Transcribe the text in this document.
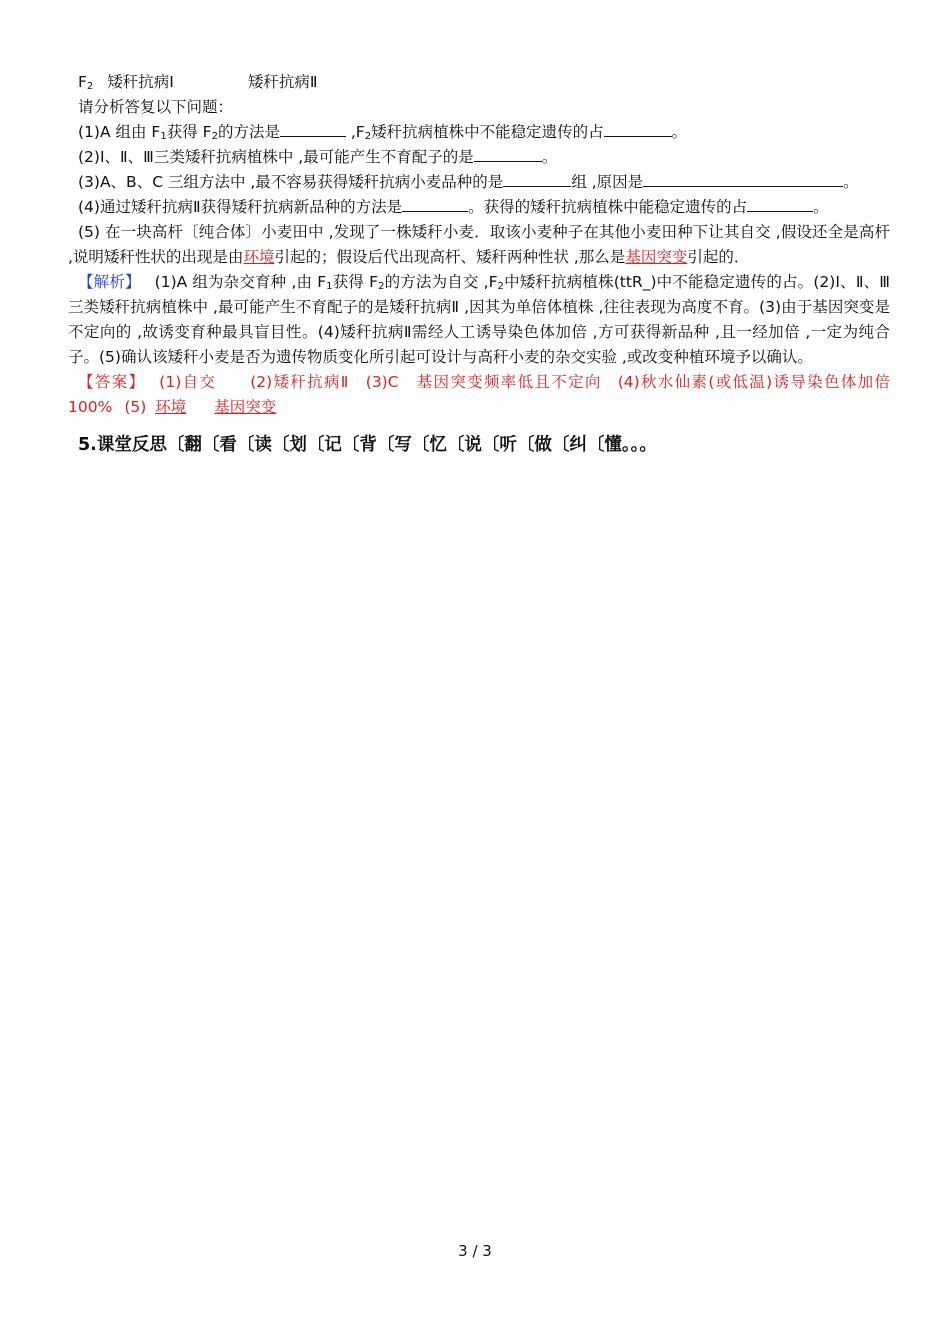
$F_2$ 矮秆抗病Ⅰ	矮秆抗病Ⅱ
请分析答复以下问题：
(1)A 组由 $F_1$获得 $F_2$的方法是	$,F_2$矮秆抗病植株中不能稳定遗传的占	。
(2)Ⅰ、Ⅱ、Ⅲ三类矮秆抗病植株中 ,最可能产生不育配子的是	。
(3)A、B、C 三组方法中 ,最不容易获得矮秆抗病小麦品种的是	组 ,原因是	。
(4)通过矮秆抗病Ⅱ获得矮秆抗病新品种的方法是	。获得的矮秆抗病植株中能稳定遗传的占	。
(5) 在一块高杆〔纯合体〕小麦田中 ,发现了一株矮秆小麦．取该小麦种子在其他小麦田种下让其自交 ,假设还全是高杆 ,说明矮秆性状的出现是由环境引起的；假设后代出现高杆、矮秆两种性状 ,那么是基因突变引起的．
【解析】 (1)A 组为杂交育种 ,由 $F_1$获得 $F_2$的方法为自交 $,F_2$中矮秆抗病植株(ttR_)中不能稳定遗传的占。(2)Ⅰ、Ⅱ、Ⅲ三类矮秆抗病植株中 ,最可能产生不育配子的是矮秆抗病Ⅱ ,因其为单倍体植株 ,往往表现为高度不育。(3)由于基因突变是不定向的 ,故诱变育种最具盲目性。(4)矮秆抗病Ⅱ需经人工诱导染色体加倍 ,方可获得新品种 ,且一经加倍 ,一定为纯合子。(5)确认该矮秆小麦是否为遗传物质变化所引起可设计与高秆小麦的杂交实验 ,或改变种植环境予以确认。
【答案】 (1)自交 (2)矮秆抗病Ⅱ (3)C　基因突变频率低且不定向 (4)秋水仙素(或低温)诱导染色体加倍　100% (5) 环境 基因突变
5.课堂反思〔翻〔看〔读〔划〔记〔背〔写〔忆〔说〔听〔做〔纠〔懂。。。
3 / 3
